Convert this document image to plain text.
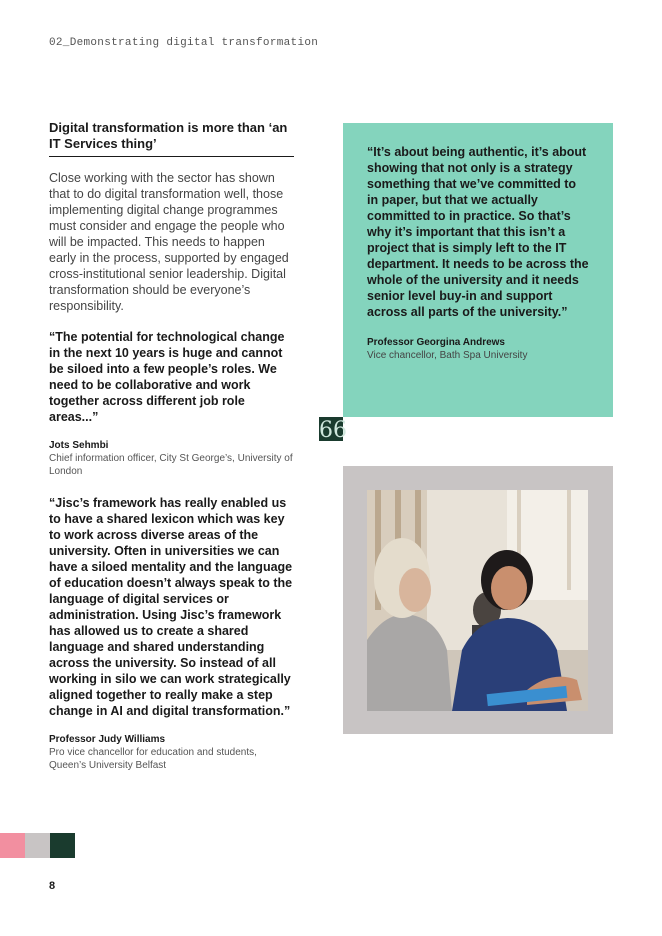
02_Demonstrating digital transformation
Digital transformation is more than ‘an IT Services thing’

Close working with the sector has shown that to do digital transformation well, those implementing digital change programmes must consider and engage the people who will be impacted. This needs to happen early in the process, supported by engaged cross-institutional senior leadership. Digital transformation should be everyone’s responsibility.

“The potential for technological change in the next 10 years is huge and cannot be siloed into a few people’s roles. We need to be collaborative and work together across different job role areas...”

Jots Sehmbi
Chief information officer, City St George’s, University of London

“Jisc’s framework has really enabled us to have a shared lexicon which was key to work across diverse areas of the university. Often in universities we can have a siloed mentality and the language of education doesn’t always speak to the language of digital services or administration. Using Jisc’s framework has allowed us to create a shared language and shared understanding across the university. So instead of all working in silo we can work strategically aligned together to really make a step change in AI and digital transformation.”

Professor Judy Williams
Pro vice chancellor for education and students, Queen’s University Belfast

“It’s about being authentic, it’s about showing that not only is a strategy something that we’ve committed to in paper, but that we actually committed to in practice. So that’s why it’s important that this isn’t a project that is simply left to the IT department. It needs to be across the whole of the university and it needs senior level buy-in and support across all parts of the university.”

Professor Georgina Andrews
Vice chancellor, Bath Spa University
66
8
